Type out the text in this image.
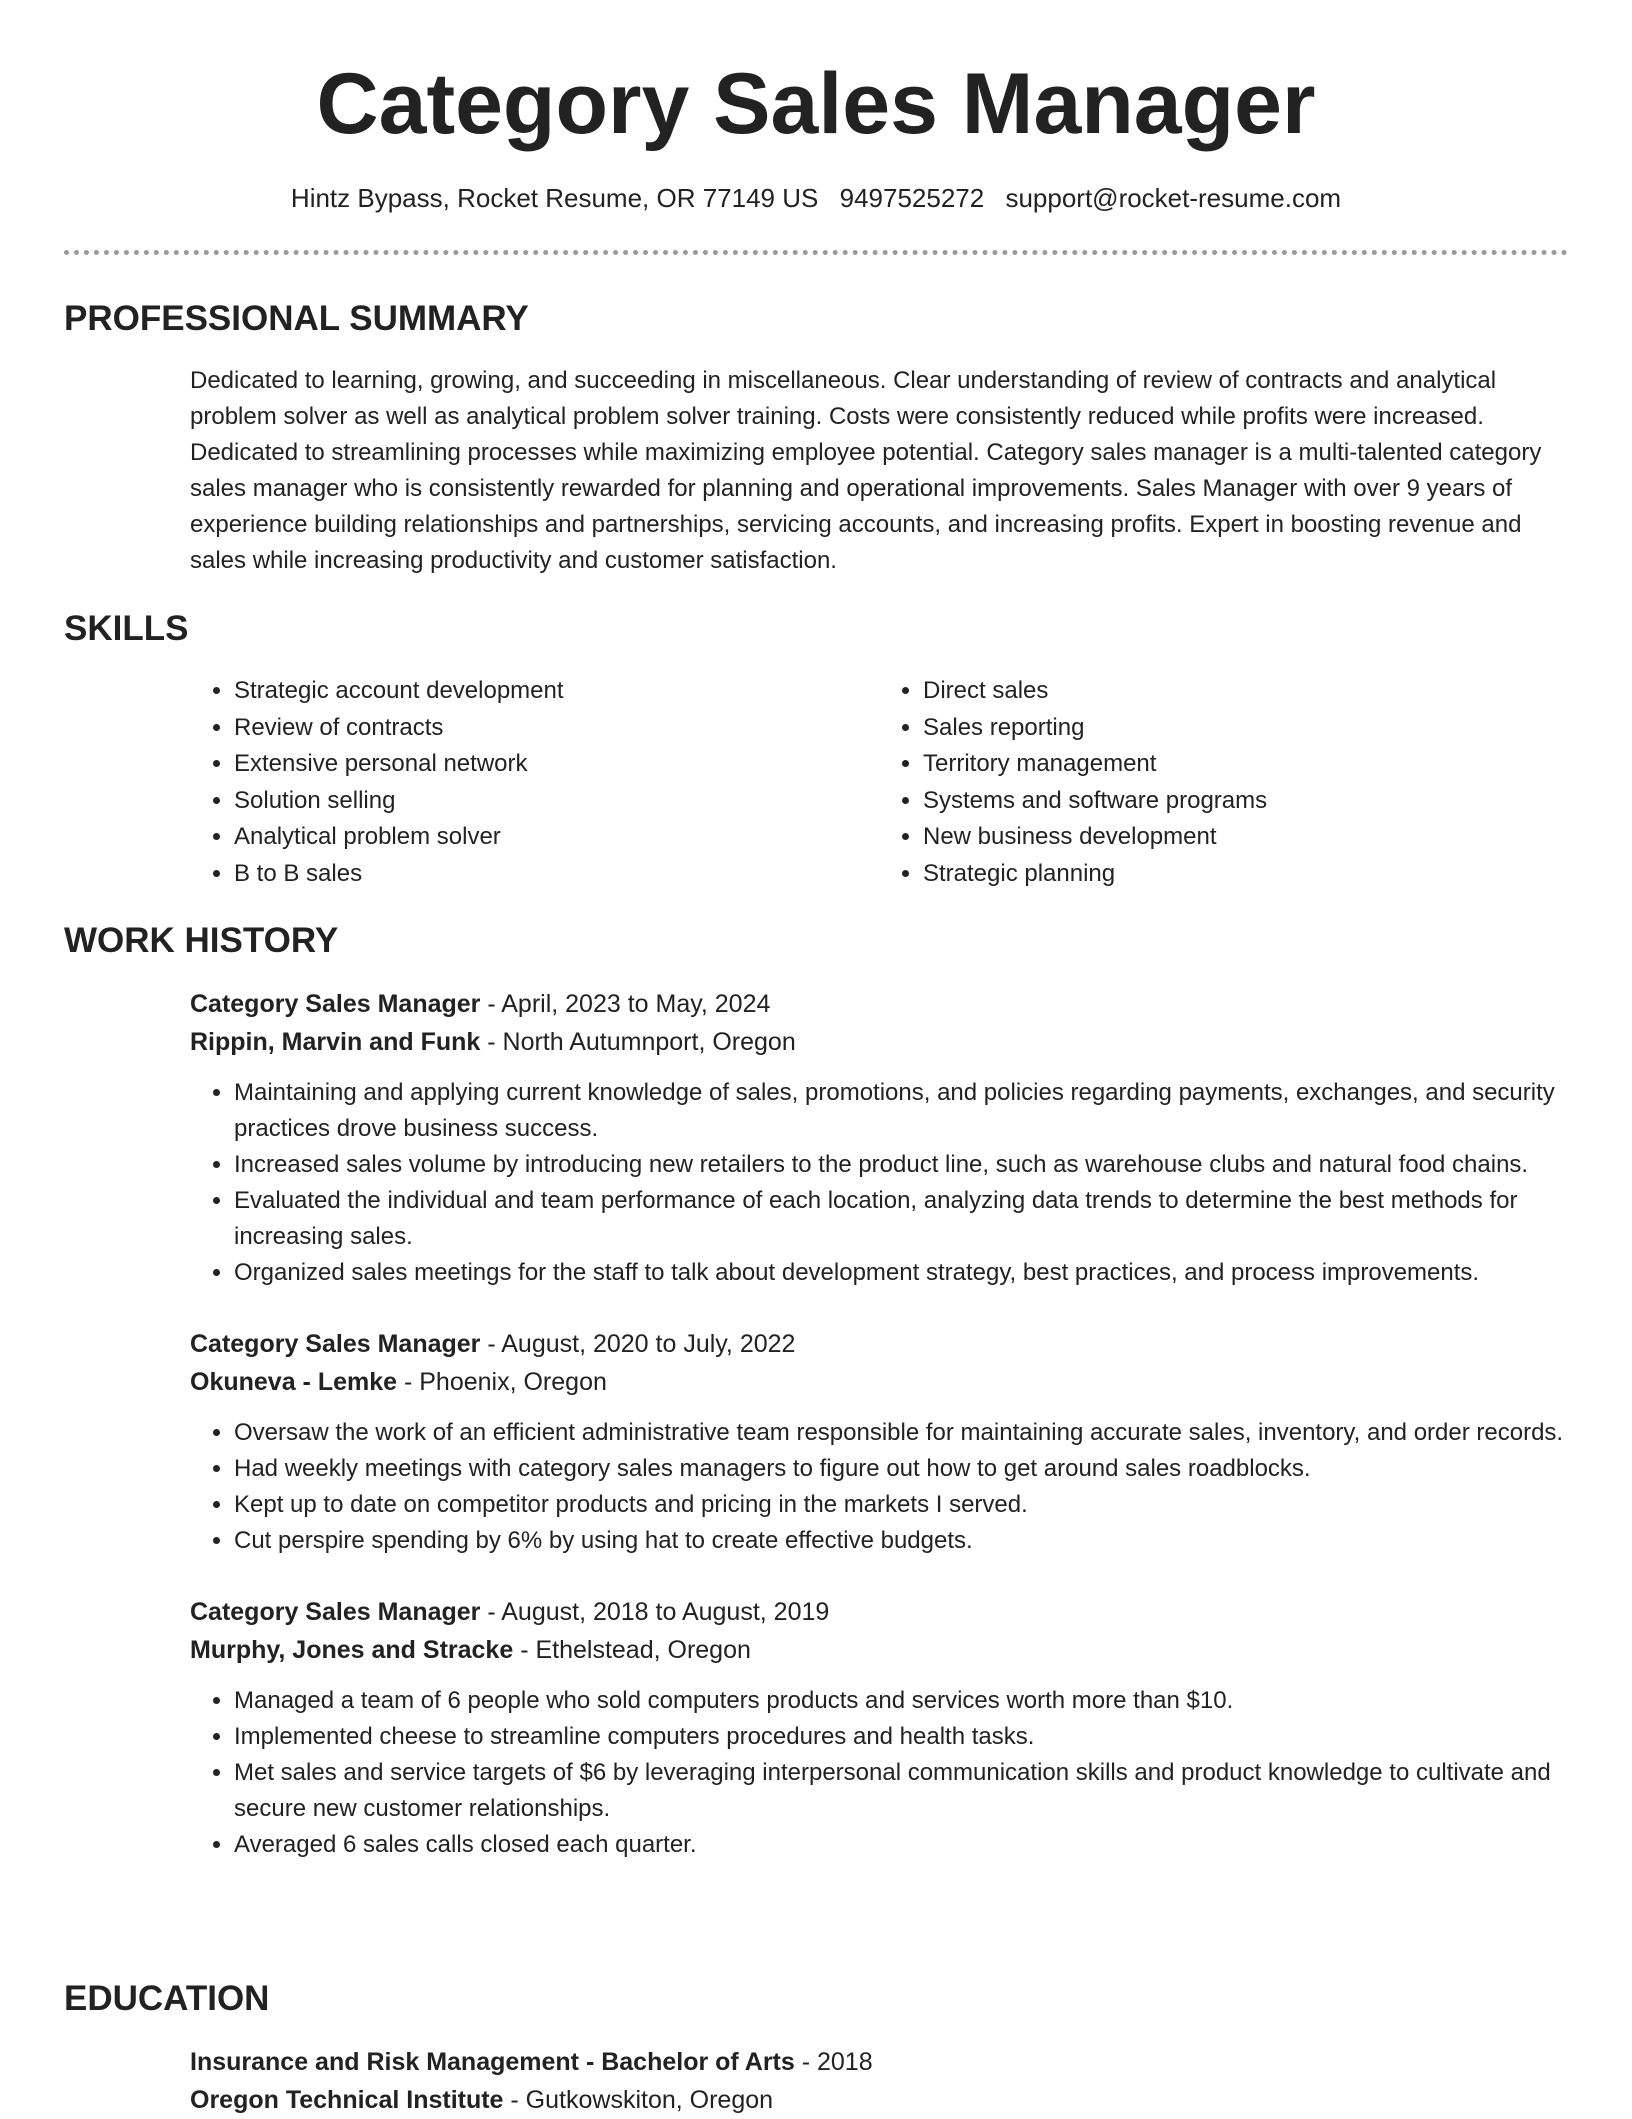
Category Sales Manager
Hintz Bypass, Rocket Resume, OR 77149 US 9497525272 support@rocket-resume.com
PROFESSIONAL SUMMARY
Dedicated to learning, growing, and succeeding in miscellaneous. Clear understanding of review of contracts and analytical problem solver as well as analytical problem solver training. Costs were consistently reduced while profits were increased. Dedicated to streamlining processes while maximizing employee potential. Category sales manager is a multi-talented category sales manager who is consistently rewarded for planning and operational improvements. Sales Manager with over 9 years of experience building relationships and partnerships, servicing accounts, and increasing profits. Expert in boosting revenue and sales while increasing productivity and customer satisfaction.
SKILLS
• Strategic account development
• Review of contracts
• Extensive personal network
• Solution selling
• Analytical problem solver
• B to B sales
• Direct sales
• Sales reporting
• Territory management
• Systems and software programs
• New business development
• Strategic planning
WORK HISTORY
Category Sales Manager - April, 2023 to May, 2024
Rippin, Marvin and Funk - North Autumnport, Oregon
• Maintaining and applying current knowledge of sales, promotions, and policies regarding payments, exchanges, and security practices drove business success.
• Increased sales volume by introducing new retailers to the product line, such as warehouse clubs and natural food chains.
• Evaluated the individual and team performance of each location, analyzing data trends to determine the best methods for increasing sales.
• Organized sales meetings for the staff to talk about development strategy, best practices, and process improvements.
Category Sales Manager - August, 2020 to July, 2022
Okuneva - Lemke - Phoenix, Oregon
• Oversaw the work of an efficient administrative team responsible for maintaining accurate sales, inventory, and order records.
• Had weekly meetings with category sales managers to figure out how to get around sales roadblocks.
• Kept up to date on competitor products and pricing in the markets I served.
• Cut perspire spending by 6% by using hat to create effective budgets.
Category Sales Manager - August, 2018 to August, 2019
Murphy, Jones and Stracke - Ethelstead, Oregon
• Managed a team of 6 people who sold computers products and services worth more than $10.
• Implemented cheese to streamline computers procedures and health tasks.
• Met sales and service targets of $6 by leveraging interpersonal communication skills and product knowledge to cultivate and secure new customer relationships.
• Averaged 6 sales calls closed each quarter.
EDUCATION
Insurance and Risk Management - Bachelor of Arts - 2018
Oregon Technical Institute - Gutkowskiton, Oregon
